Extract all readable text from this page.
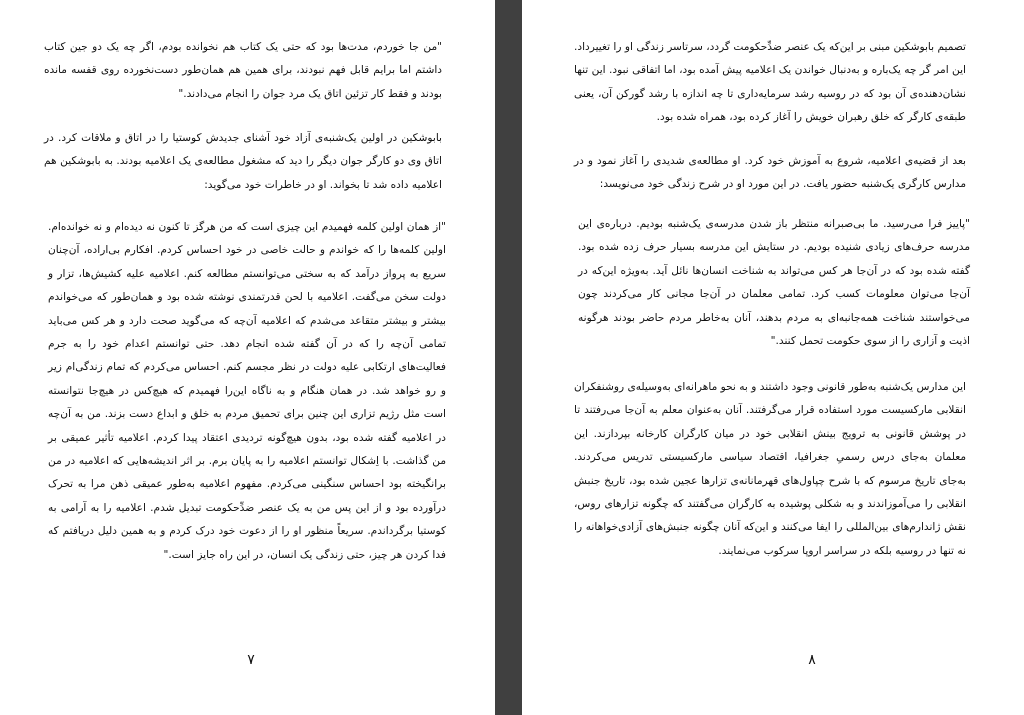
"من جا خوردم، مدت‌ها بود که حتی یک کتاب هم نخوانده بودم، اگر چه یک دو جین کتاب داشتم اما برایم قابل فهم نبودند، برای همین هم همان‌طور دست‌نخورده روی قفسه مانده بودند و فقط کار تزئین اتاق یک مرد جوان را انجام می‌دادند."

بابوشکین در اولین یک‌شنبه‌ی آزاد خود آشنای جدیدش کوستیا را در اتاق و ملاقات کرد. در اتاق وی دو کارگر جوان دیگر را دید که مشغول مطالعه‌ی یک اعلامیه بودند. به بابوشکین هم اعلامیه داده شد تا بخواند. او در خاطرات خود می‌گوید:

"از همان اولین کلمه فهمیدم این چیزی است که من هرگز تا کنون نه دیده‌ام و نه خوانده‌ام. اولین کلمه‌ها را که خواندم و حالت خاصی در خود احساس کردم. افکارم بی‌اراده، آن‌چنان سریع به پرواز درآمد که به سختی می‌توانستم مطالعه کنم. اعلامیه علیه کشیش‌ها، تزار و دولت سخن می‌گفت. اعلامیه با لحن قدرتمندی نوشته شده بود و همان‌طور که می‌خواندم بیشتر و بیشتر متقاعد می‌شدم که اعلامیه آن‌چه که می‌گوید صحت دارد و هر کس می‌باید تمامی آن‌چه را که در آن گفته شده انجام دهد. حتی توانستم اعدام خود را به جرم فعالیت‌های ارتکابی علیه دولت در نظر مجسم کنم. احساس می‌کردم که تمام زندگی‌ام زیر و رو خواهد شد. در همان هنگام و به ناگاه این‌را فهمیدم که هیچ‌کس در هیچ‌جا نتوانسته است مثل رژیم تزاری این چنین برای تحمیق مردم به خلق و ابداع دست بزند. من به آن‌چه در اعلامیه گفته شده بود، بدون هیچ‌گونه تردیدی اعتقاد پیدا کردم. اعلامیه تأثیر عمیقی بر من گذاشت. با اِشکال توانستم اعلامیه را به پایان برم. بر اثر اندیشه‌هایی که اعلامیه در من برانگیخته بود احساس سنگینی می‌کردم. مفهوم اعلامیه به‌طور عمیقی ذهن مرا به تحرک درآورده بود و از این پس من به یک عنصر ضدِّحکومت تبدیل شدم. اعلامیه را به آرامی به کوستیا برگرداندم. سریعاً منظور او را از دعوت خود درک کردم و به همین دلیل دریافتم که فدا کردن هر چیز، حتی زندگی یک انسان، در این راه جایز است."

۷

تصمیم بابوشکین مبنی بر این‌که یک عنصر ضدِّحکومت گردد، سرتاسر زندگی او را تغییرداد. این امر گر چه یک‌باره و به‌دنبال خواندن یک اعلامیه پیش آمده بود، اما اتفاقی نبود. این تنها نشان‌دهنده‌ی آن بود که در روسیه رشد سرمایه‌داری تا چه اندازه با رشد گورکن آن، یعنی طبقه‌ی کارگر که خلق رهبران خویش را آغاز کرده بود، همراه شده بود.

بعد از قضیه‌ی اعلامیه، شروع به آموزش خود کرد. او مطالعه‌ی شدیدی را آغاز نمود و در مدارس کارگری یک‌شنبه حضور یافت. در این مورد او در شرح زندگی خود می‌نویسد:

"پاییز فرا می‌رسید. ما بی‌صبرانه منتظر باز شدن مدرسه‌ی یک‌شنبه بودیم. درباره‌ی این مدرسه حرف‌های زیادی شنیده بودیم. در ستایش این مدرسه بسیار حرف زده شده بود. گفته شده بود که در آن‌جا هر کس می‌تواند به شناخت انسان‌ها نائل آید. به‌ویژه این‌که در آن‌جا می‌توان معلومات کسب کرد. تمامی معلمان در آن‌جا مجانی کار می‌کردند چون می‌خواستند شناخت همه‌جانبه‌ای به مردم بدهند، آنان به‌خاطر مردم حاضر بودند هرگونه اذیت و آزاری را از سوی حکومت تحمل کنند."

این مدارس یک‌شنبه به‌طور قانونی وجود داشتند و به نحو ماهرانه‌ای به‌وسیله‌ی روشنفکران انقلابی مارکسیست مورد استفاده قرار می‌گرفتند. آنان به‌عنوان معلم به آن‌جا می‌رفتند تا در پوشش قانونی به ترویج بینش انقلابی خود در میان کارگران کارخانه بپردازند. این معلمان به‌جای درس رسمیِ جغرافیا، اقتصاد سیاسی مارکسیستی تدریس می‌کردند. به‌جای تاریخ مرسوم که با شرح چپاول‌های قهرمانانه‌ی تزارها عجین شده بود، تاریخ جنبش انقلابی را می‌آموزاندند و به شکلی پوشیده به کارگران می‌گفتند که چگونه تزارهای روس، نقش ژاندارم‌های بین‌المللی را ایفا می‌کنند و این‌که آنان چگونه جنبش‌های آزادی‌خواهانه را نه تنها در روسیه بلکه در سراسر اروپا سرکوب می‌نمایند.

۸
